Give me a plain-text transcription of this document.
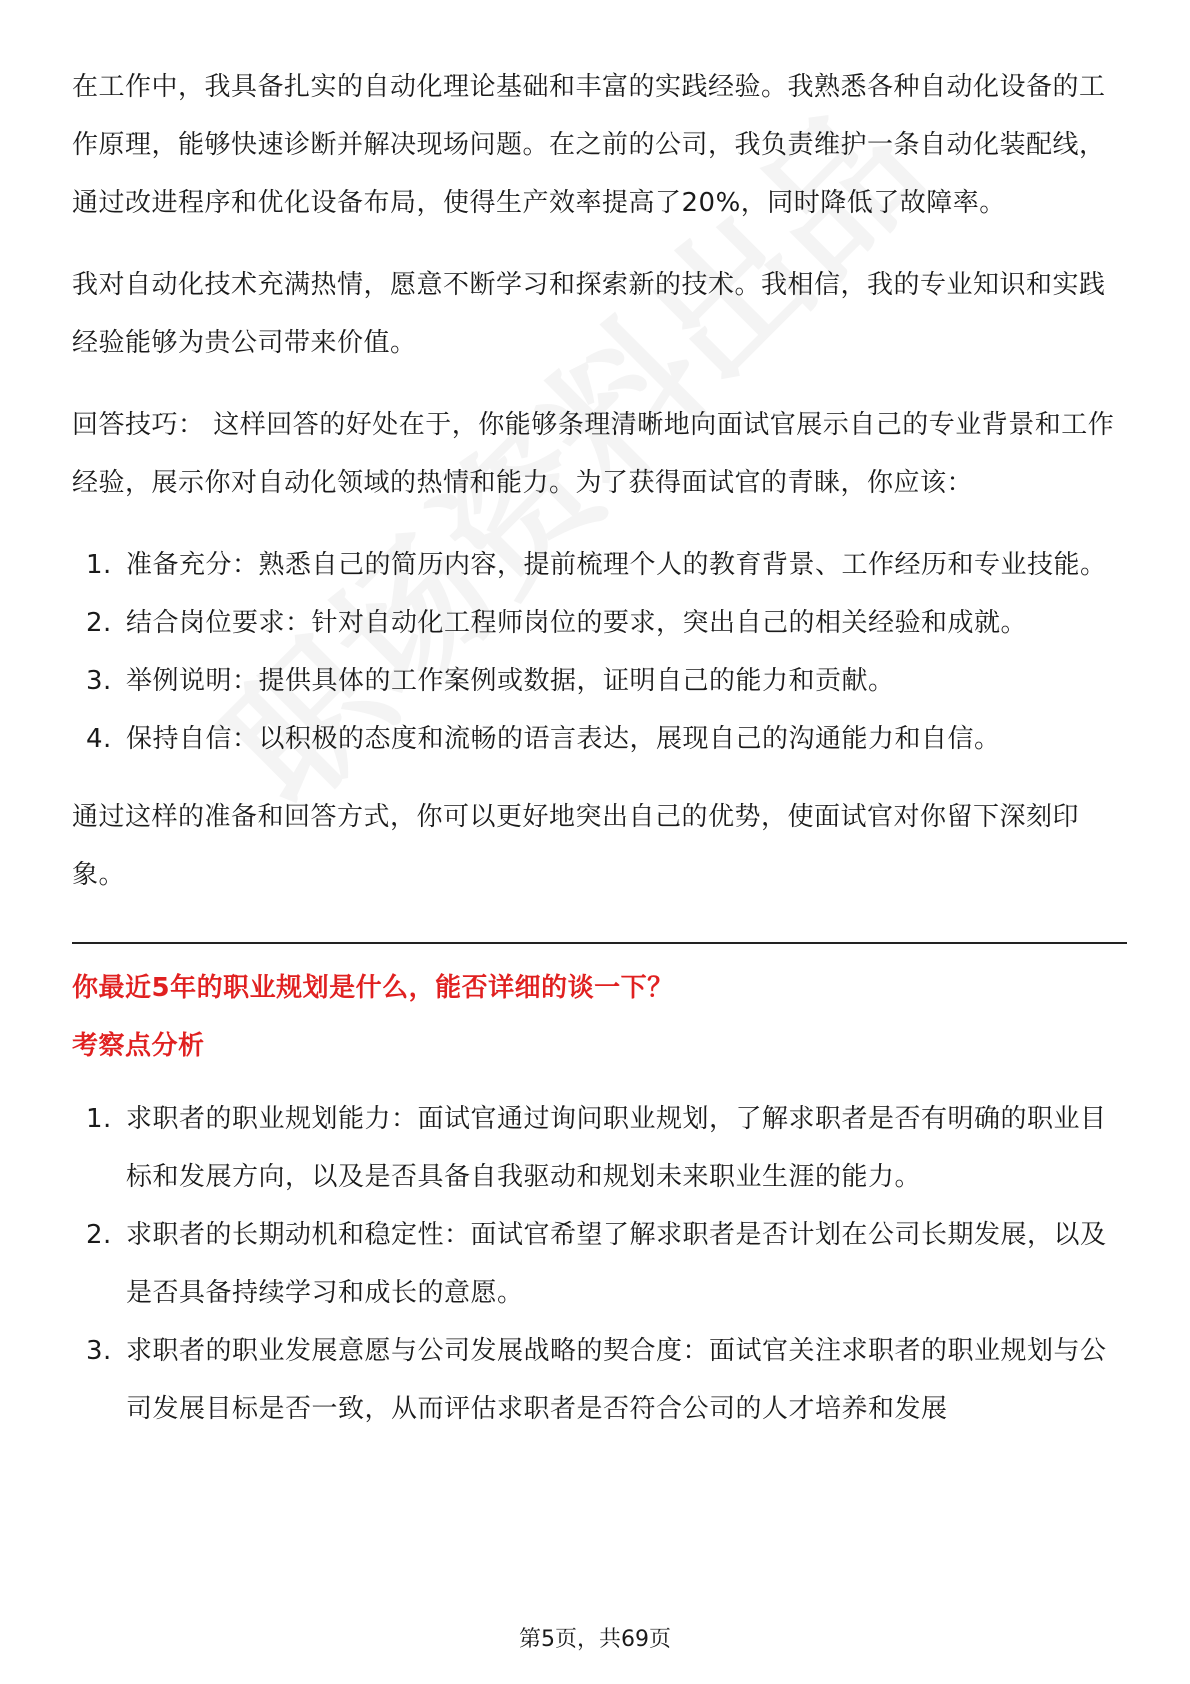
在工作中，我具备扎实的自动化理论基础和丰富的实践经验。我熟悉各种自动化设备的工作原理，能够快速诊断并解决现场问题。在之前的公司，我负责维护一条自动化装配线，通过改进程序和优化设备布局，使得生产效率提高了20%，同时降低了故障率。

我对自动化技术充满热情，愿意不断学习和探索新的技术。我相信，我的专业知识和实践经验能够为贵公司带来价值。

回答技巧： 这样回答的好处在于，你能够条理清晰地向面试官展示自己的专业背景和工作经验，展示你对自动化领域的热情和能力。为了获得面试官的青睐，你应该：

1. 准备充分：熟悉自己的简历内容，提前梳理个人的教育背景、工作经历和专业技能。
2. 结合岗位要求：针对自动化工程师岗位的要求，突出自己的相关经验和成就。
3. 举例说明：提供具体的工作案例或数据，证明自己的能力和贡献。
4. 保持自信：以积极的态度和流畅的语言表达，展现自己的沟通能力和自信。

通过这样的准备和回答方式，你可以更好地突出自己的优势，使面试官对你留下深刻印象。

你最近5年的职业规划是什么，能否详细的谈一下？
考察点分析
1. 求职者的职业规划能力：面试官通过询问职业规划，了解求职者是否有明确的职业目标和发展方向，以及是否具备自我驱动和规划未来职业生涯的能力。
2. 求职者的长期动机和稳定性：面试官希望了解求职者是否计划在公司长期发展，以及是否具备持续学习和成长的意愿。
3. 求职者的职业发展意愿与公司发展战略的契合度：面试官关注求职者的职业规划与公司发展目标是否一致，从而评估求职者是否符合公司的人才培养和发展
第5页，共69页
